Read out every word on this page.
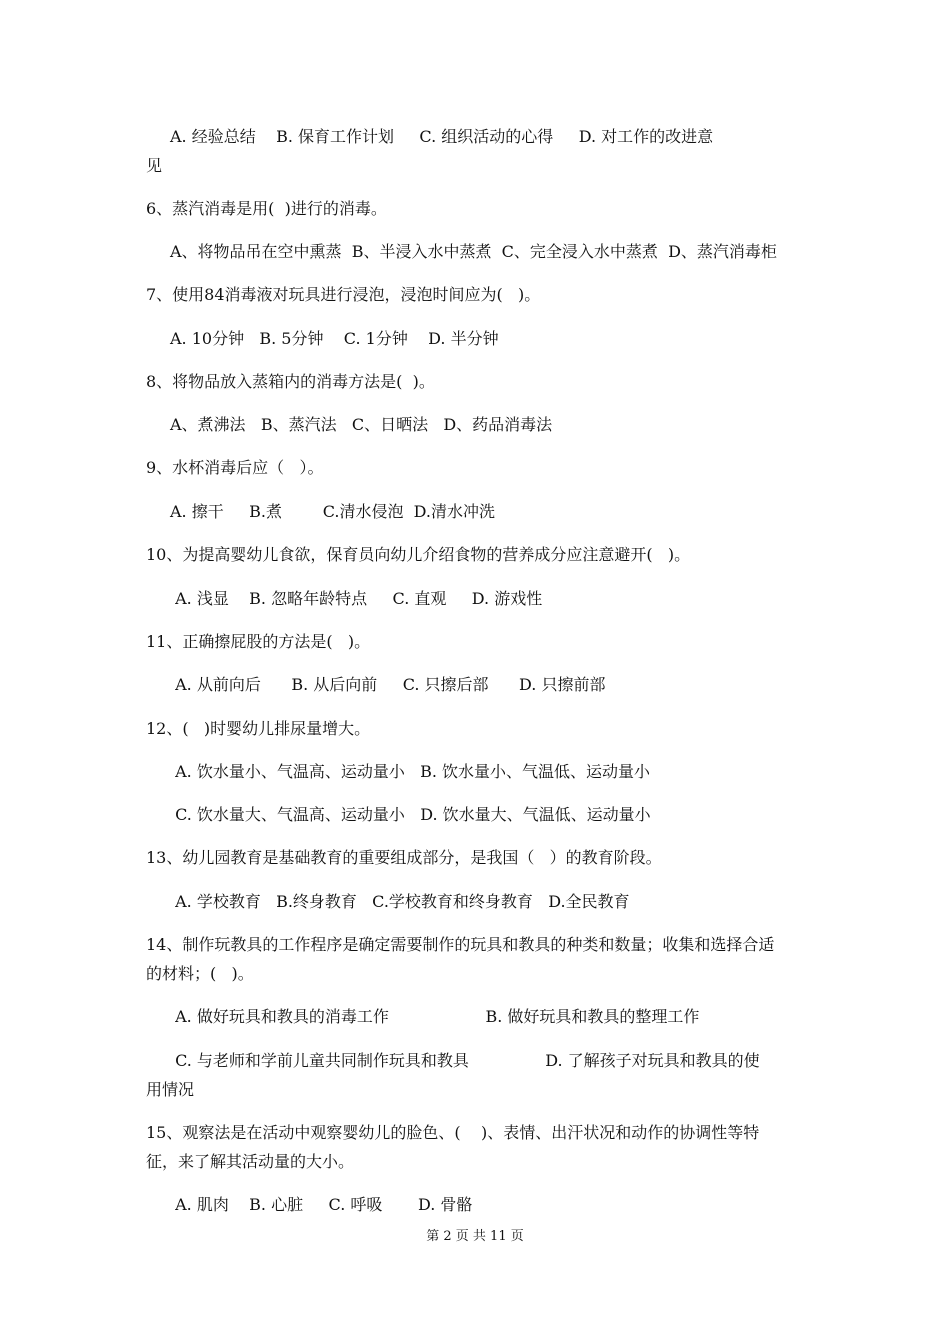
A. 经验总结    B. 保育工作计划     C. 组织活动的心得     D. 对工作的改进意
见
6、蒸汽消毒是用(  )进行的消毒。
A、将物品吊在空中熏蒸  B、半浸入水中蒸煮  C、完全浸入水中蒸煮  D、蒸汽消毒柜
7、使用84消毒液对玩具进行浸泡，浸泡时间应为(   )。
A. 10分钟   B. 5分钟    C. 1分钟    D. 半分钟
8、将物品放入蒸箱内的消毒方法是(  )。
A、煮沸法   B、蒸汽法   C、日晒法   D、药品消毒法
9、水杯消毒后应（   ）。
A. 擦干     B.煮        C.清水侵泡  D.清水冲洗
10、为提高婴幼儿食欲，保育员向幼儿介绍食物的营养成分应注意避开(   )。
A. 浅显    B. 忽略年龄特点     C. 直观     D. 游戏性
11、正确擦屁股的方法是(   )。
A. 从前向后      B. 从后向前     C. 只擦后部      D. 只擦前部
12、(   )时婴幼儿排尿量增大。
A. 饮水量小、气温高、运动量小   B. 饮水量小、气温低、运动量小
C. 饮水量大、气温高、运动量小   D. 饮水量大、气温低、运动量小
13、幼儿园教育是基础教育的重要组成部分，是我国（   ）的教育阶段。
A. 学校教育   B.终身教育   C.学校教育和终身教育   D.全民教育
14、制作玩教具的工作程序是确定需要制作的玩具和教具的种类和数量；收集和选择合适
的材料；(   )。
A. 做好玩具和教具的消毒工作                   B. 做好玩具和教具的整理工作
C. 与老师和学前儿童共同制作玩具和教具               D. 了解孩子对玩具和教具的使
用情况
15、观察法是在活动中观察婴幼儿的脸色、(    )、表情、出汗状况和动作的协调性等特
征，来了解其活动量的大小。
A. 肌肉    B. 心脏     C. 呼吸       D. 骨骼
第 2 页 共 11 页
